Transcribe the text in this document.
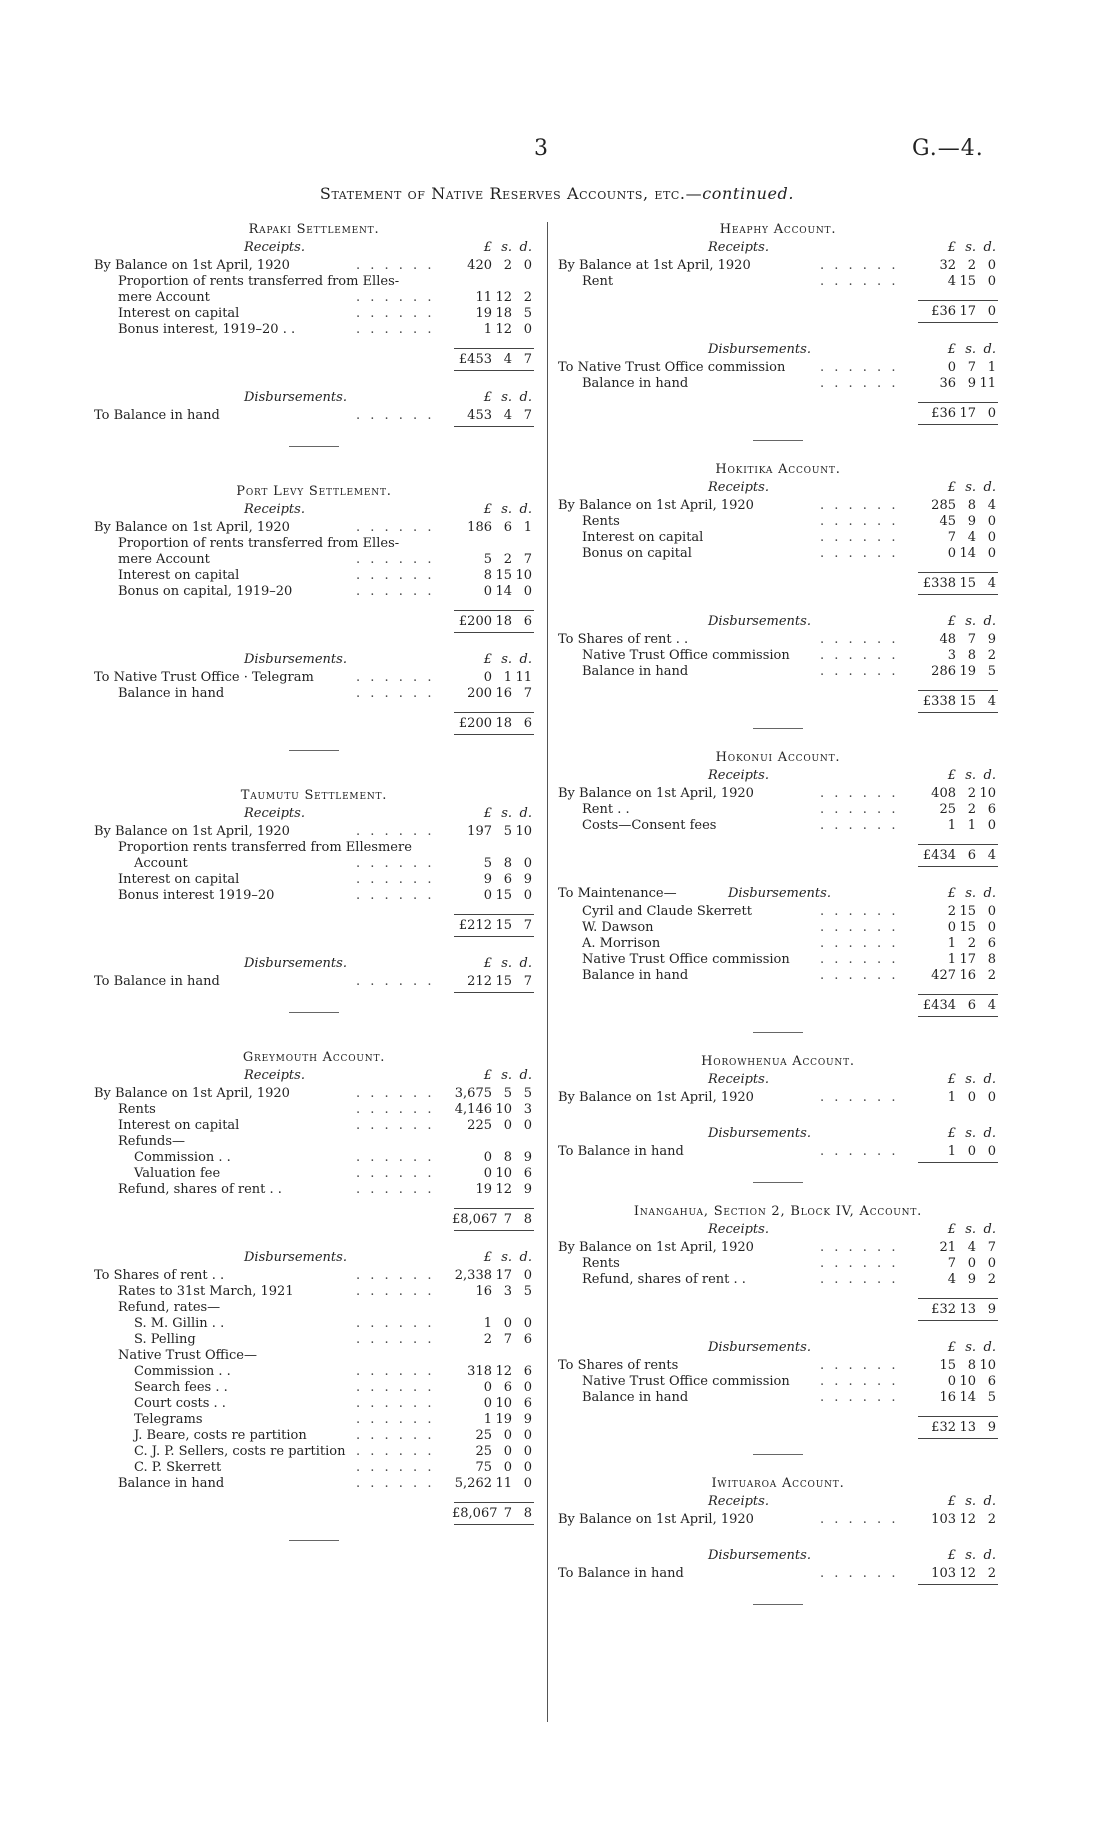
3	G.—4.
Statement of Native Reserves Accounts, etc.—continued.
Rapaki Settlement.
Receipts.	£ s. d.
By Balance on 1st April, 1920	. . . . . .	420 2 0
Proportion of rents transferred from Elles-
mere Account	. . . . . .	11 12 2
Interest on capital	. . . . . .	19 18 5
Bonus interest, 1919–20 . .	. . . . . .	1 12 0
£453 4 7
Disbursements.	£ s. d.
To Balance in hand	. . . . . .	453 4 7
Port Levy Settlement.
Receipts.	£ s. d.
By Balance on 1st April, 1920	. . . . . .	186 6 1
Proportion of rents transferred from Elles-
mere Account	. . . . . .	5 2 7
Interest on capital	. . . . . .	8 15 10
Bonus on capital, 1919–20	. . . . . .	0 14 0
£200 18 6
Disbursements.	£ s. d.
To Native Trust Office · Telegram	. . . . . .	0 1 11
Balance in hand	. . . . . .	200 16 7
£200 18 6
Taumutu Settlement.
Receipts.	£ s. d.
By Balance on 1st April, 1920	. . . . . .	197 5 10
Proportion rents transferred from Ellesmere
Account	. . . . . .	5 8 0
Interest on capital	. . . . . .	9 6 9
Bonus interest 1919–20	. . . . . .	0 15 0
£212 15 7
Disbursements.	£ s. d.
To Balance in hand	. . . . . .	212 15 7
Greymouth Account.
Receipts.	£ s. d.
By Balance on 1st April, 1920	. . . . . . 3,675 5 5
Rents	. . . . . . 4,146 10 3
Interest on capital	. . . . . .	225 0 0
Refunds—
Commission . .	. . . . . .	0 8 9
Valuation fee	. . . . . .	0 10 6
Refund, shares of rent . .	. . . . . .	19 12 9
£8,067 7 8
Disbursements.	£ s. d.
To Shares of rent . .	. . . . . . 2,338 17 0
Rates to 31st March, 1921	. . . . . .	16 3 5
Refund, rates—
S. M. Gillin . .	. . . . . .	1 0 0
S. Pelling	. . . . . .	2 7 6
Native Trust Office—
Commission . .	. . . . . .	318 12 6
Search fees . .	. . . . . .	0 6 0
Court costs . .	. . . . . .	0 10 6
Telegrams	. . . . . .	1 19 9
J. Beare, costs re partition	. . . . . .	25 0 0
C. J. P. Sellers, costs re partition . . . . . .	25 0 0
C. P. Skerrett	. . . . . .	75 0 0
Balance in hand	. . . . . . 5,262 11 0
£8,067 7 8
Heaphy Account.
Receipts.	£ s. d.
By Balance at 1st April, 1920	. . . . . .	32 2 0
Rent	. . . . . .	4 15 0
£36 17 0
Disbursements.	£ s. d.
To Native Trust Office commission	. . . . . .	0 7 1
Balance in hand	. . . . . .	36 9 11
£36 17 0
Hokitika Account.
Receipts.	£ s. d.
By Balance on 1st April, 1920	. . . . . .	285 8 4
Rents	. . . . . .	45 9 0
Interest on capital	. . . . . .	7 4 0
Bonus on capital	. . . . . .	0 14 0
£338 15 4
Disbursements.	£ s. d.
To Shares of rent . .	. . . . . .	48 7 9
Native Trust Office commission . . . . . .	3 8 2
Balance in hand	. . . . . .	286 19 5
£338 15 4
Hokonui Account.
Receipts.	£ s. d.
By Balance on 1st April, 1920	. . . . . .	408 2 10
Rent . .	. . . . . .	25 2 6
Costs—Consent fees	. . . . . .	1 1 0
£434 6 4
Disbursements.	£ s. d.
To Maintenance—
Cyril and Claude Skerrett	. . . . . .	2 15 0
W. Dawson	. . . . . .	0 15 0
A. Morrison	. . . . . .	1 2 6
Native Trust Office commission . . . . . .	1 17 8
Balance in hand	. . . . . .	427 16 2
£434 6 4
Horowhenua Account.
Receipts.	£ s. d.
By Balance on 1st April, 1920	. . . . . .	1 0 0
Disbursements.	£ s. d.
To Balance in hand	. . . . . .	1 0 0
Inangahua, Section 2, Block IV, Account.
Receipts.	£ s. d.
By Balance on 1st April, 1920	. . . . . .	21 4 7
Rents	. . . . . .	7 0 0
Refund, shares of rent . .	. . . . . .	4 9 2
£32 13 9
Disbursements.	£ s. d.
To Shares of rents	. . . . . .	15 8 10
Native Trust Office commission . . . . . .	0 10 6
Balance in hand	. . . . . .	16 14 5
£32 13 9
Iwituaroa Account.
Receipts.	£ s. d.
By Balance on 1st April, 1920	. . . . . .	103 12 2
Disbursements.	£ s. d.
To Balance in hand	. . . . . .	103 12 2
